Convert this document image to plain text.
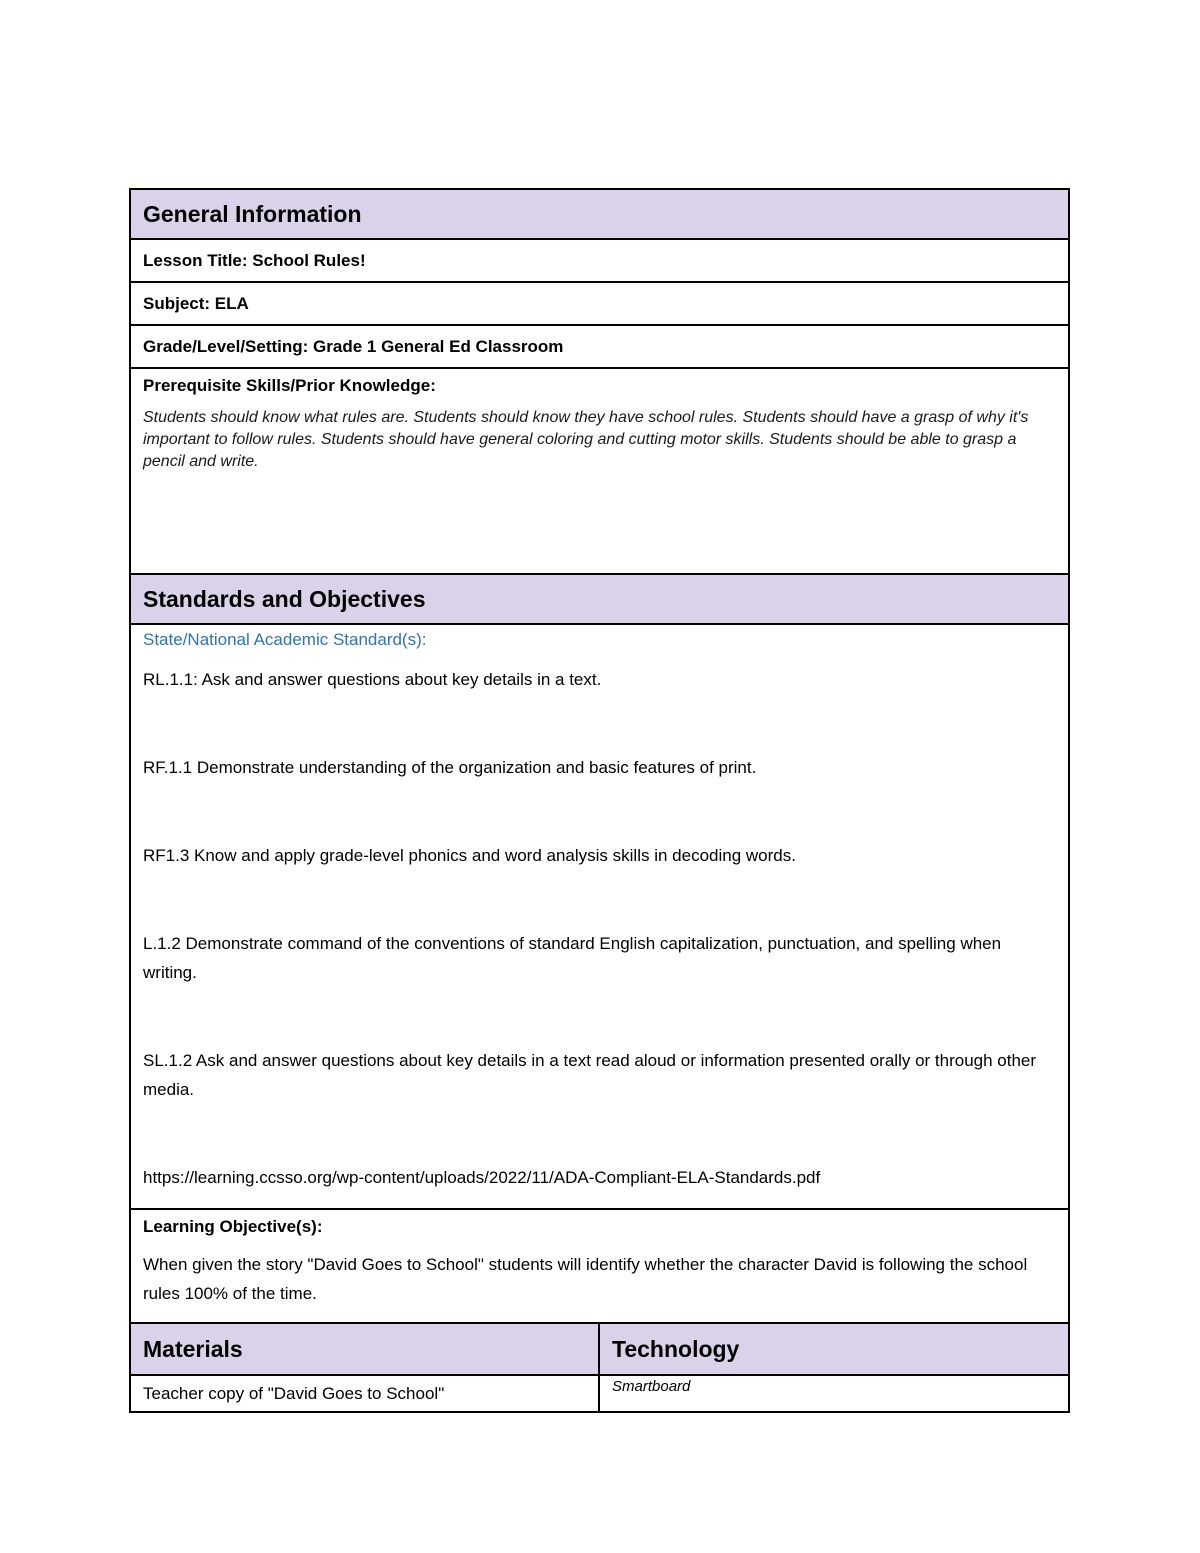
General Information
Lesson Title: School Rules!
Subject: ELA
Grade/Level/Setting: Grade 1 General Ed Classroom
Prerequisite Skills/Prior Knowledge:
Students should know what rules are. Students should know they have school rules. Students should have a grasp of why it's important to follow rules. Students should have general coloring and cutting motor skills. Students should be able to grasp a pencil and write.
Standards and Objectives

State/National Academic Standard(s):

RL.1.1: Ask and answer questions about key details in a text.

RF.1.1 Demonstrate understanding of the organization and basic features of print.

RF1.3 Know and apply grade-level phonics and word analysis skills in decoding words.

L.1.2 Demonstrate command of the conventions of standard English capitalization, punctuation, and spelling when writing.

SL.1.2 Ask and answer questions about key details in a text read aloud or information presented orally or through other media.

https://learning.ccsso.org/wp-content/uploads/2022/11/ADA-Compliant-ELA-Standards.pdf

Learning Objective(s):

When given the story "David Goes to School" students will identify whether the character David is following the school rules 100% of the time.

Materials	Technology
Teacher copy of "David Goes to School"	Smartboard
